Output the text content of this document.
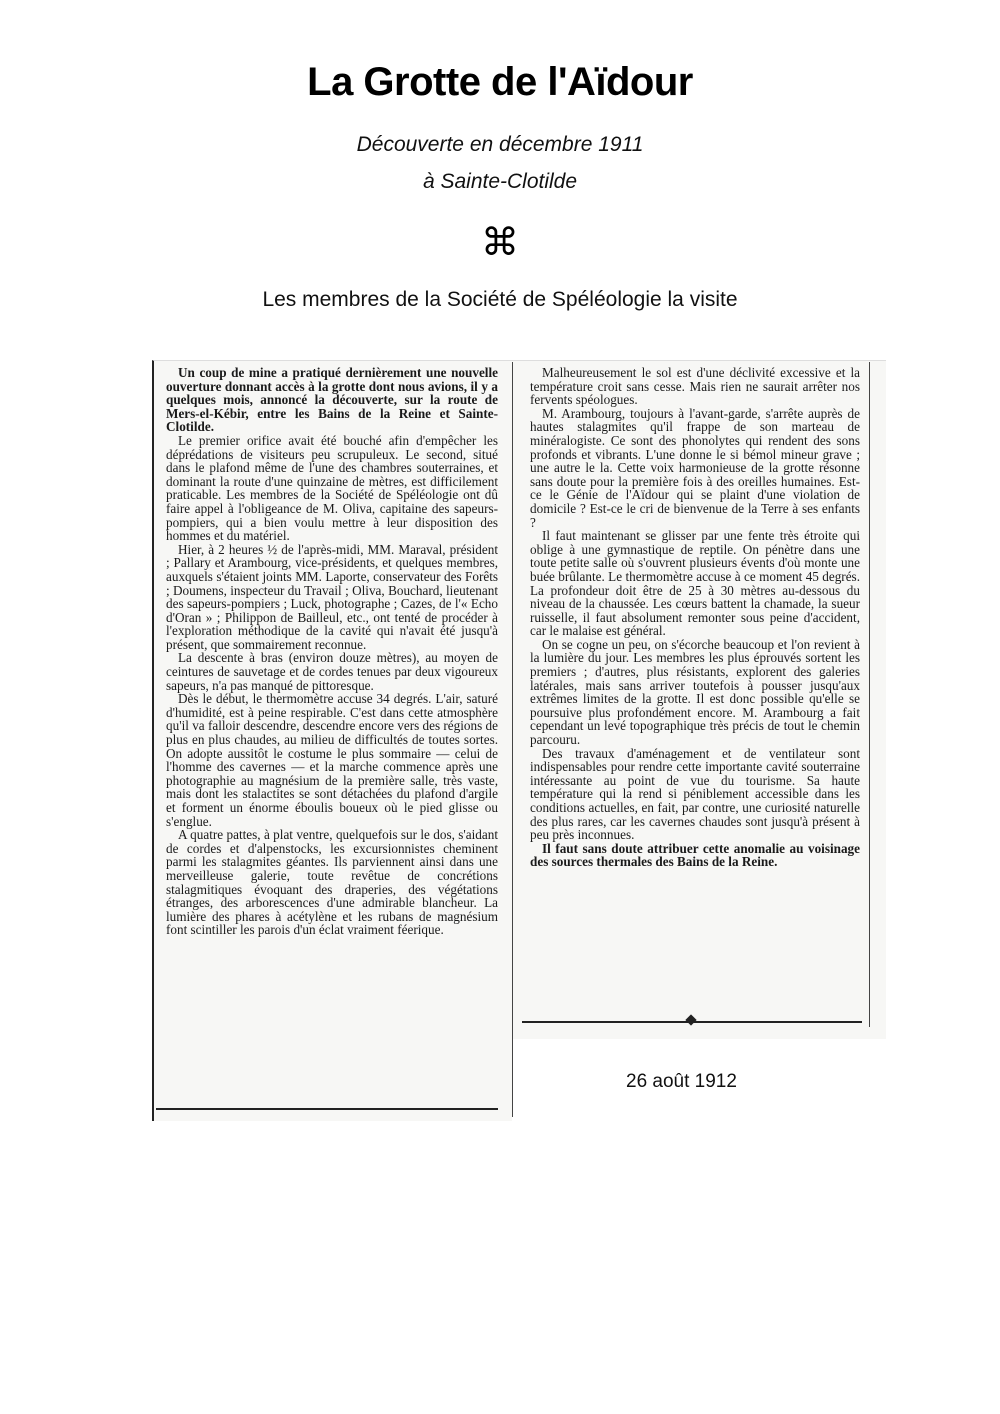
La Grotte de l'Aïdour
Découverte en décembre 1911
à Sainte-Clotilde
⌘
Les membres de la Société de Spéléologie la visite

Un coup de mine a pratiqué dernièrement une nouvelle ouverture donnant accès à la grotte dont nous avions, il y a quelques mois, annoncé la découverte, sur la route de Mers-el-Kébir, entre les Bains de la Reine et Sainte-Clotilde.

Le premier orifice avait été bouché afin d'empêcher les déprédations de visiteurs peu scrupuleux. Le second, situé dans le plafond même de l'une des chambres souterraines, et dominant la route d'une quinzaine de mètres, est difficilement praticable. Les membres de la Société de Spéléologie ont dû faire appel à l'obligeance de M. Oliva, capitaine des sapeurs-pompiers, qui a bien voulu mettre à leur disposition des hommes et du matériel.

Hier, à 2 heures ½ de l'après-midi, MM. Maraval, président ; Pallary et Arambourg, vice-présidents, et quelques membres, auxquels s'étaient joints MM. Laporte, conservateur des Forêts ; Doumens, inspecteur du Travail ; Oliva, Bouchard, lieutenant des sapeurs-pompiers ; Luck, photographe ; Cazes, de l'« Echo d'Oran » ; Philippon de Bailleul, etc., ont tenté de procéder à l'exploration méthodique de la cavité qui n'avait été jusqu'à présent, que sommairement reconnue.

La descente à bras (environ douze mètres), au moyen de ceintures de sauvetage et de cordes tenues par deux vigoureux sapeurs, n'a pas manqué de pittoresque.

Dès le début, le thermomètre accuse 34 degrés. L'air, saturé d'humidité, est à peine respirable. C'est dans cette atmosphère qu'il va falloir descendre, descendre encore vers des régions de plus en plus chaudes, au milieu de difficultés de toutes sortes. On adopte aussitôt le costume le plus sommaire — celui de l'homme des cavernes — et la marche commence après une photographie au magnésium de la première salle, très vaste, mais dont les stalactites se sont détachées du plafond d'argile et forment un énorme éboulis boueux où le pied glisse ou s'englue.

A quatre pattes, à plat ventre, quelquefois sur le dos, s'aidant de cordes et d'alpenstocks, les excursionnistes cheminent parmi les stalagmites géantes. Ils parviennent ainsi dans une merveilleuse galerie, toute revêtue de concrétions stalagmitiques évoquant des draperies, des végétations étranges, des arborescences d'une admirable blancheur. La lumière des phares à acétylène et les rubans de magnésium font scintiller les parois d'un éclat vraiment féerique.

Malheureusement le sol est d'une déclivité excessive et la température croit sans cesse. Mais rien ne saurait arrêter nos fervents spéologues.

M. Arambourg, toujours à l'avant-garde, s'arrête auprès de hautes stalagmites qu'il frappe de son marteau de minéralogiste. Ce sont des phonolytes qui rendent des sons profonds et vibrants. L'une donne le si bémol mineur grave ; une autre le la. Cette voix harmonieuse de la grotte résonne sans doute pour la première fois à des oreilles humaines. Est-ce le Génie de l'Aïdour qui se plaint d'une violation de domicile ? Est-ce le cri de bienvenue de la Terre à ses enfants ?

Il faut maintenant se glisser par une fente très étroite qui oblige à une gymnastique de reptile. On pénètre dans une toute petite salle où s'ouvrent plusieurs évents d'où monte une buée brûlante. Le thermomètre accuse à ce moment 45 degrés. La profondeur doit être de 25 à 30 mètres au-dessous du niveau de la chaussée. Les cœurs battent la chamade, la sueur ruisselle, il faut absolument remonter sous peine d'accident, car le malaise est général.

On se cogne un peu, on s'écorche beaucoup et l'on revient à la lumière du jour. Les membres les plus éprouvés sortent les premiers ; d'autres, plus résistants, explorent des galeries latérales, mais sans arriver toutefois à pousser jusqu'aux extrêmes limites de la grotte. Il est donc possible qu'elle se poursuive plus profondément encore. M. Arambourg a fait cependant un levé topographique très précis de tout le chemin parcouru.

Des travaux d'aménagement et de ventilateur sont indispensables pour rendre cette importante cavité souterraine intéressante au point de vue du tourisme. Sa haute température qui la rend si péniblement accessible dans les conditions actuelles, en fait, par contre, une curiosité naturelle des plus rares, car les cavernes chaudes sont jusqu'à présent à peu près inconnues.

Il faut sans doute attribuer cette anomalie au voisinage des sources thermales des Bains de la Reine.

26 août 1912
